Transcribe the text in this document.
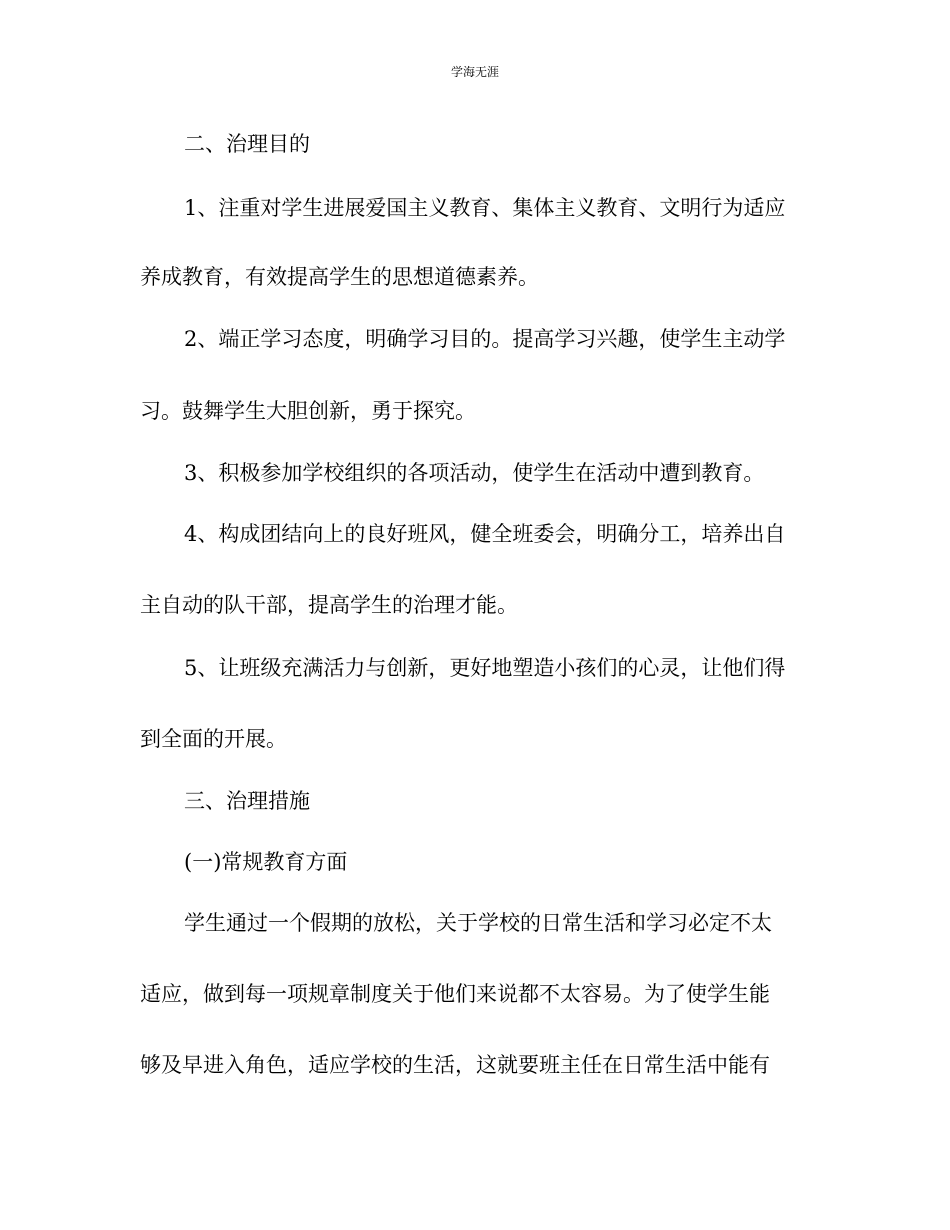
学海无涯
二、治理目的
1、注重对学生进展爱国主义教育、集体主义教育、文明行为适应
养成教育，有效提高学生的思想道德素养。
2、端正学习态度，明确学习目的。提高学习兴趣，使学生主动学
习。鼓舞学生大胆创新，勇于探究。
3、积极参加学校组织的各项活动，使学生在活动中遭到教育。
4、构成团结向上的良好班风，健全班委会，明确分工，培养出自
主自动的队干部，提高学生的治理才能。
5、让班级充满活力与创新，更好地塑造小孩们的心灵，让他们得
到全面的开展。
三、治理措施
(一)常规教育方面
学生通过一个假期的放松，关于学校的日常生活和学习必定不太
适应，做到每一项规章制度关于他们来说都不太容易。为了使学生能
够及早进入角色，适应学校的生活，这就要班主任在日常生活中能有
